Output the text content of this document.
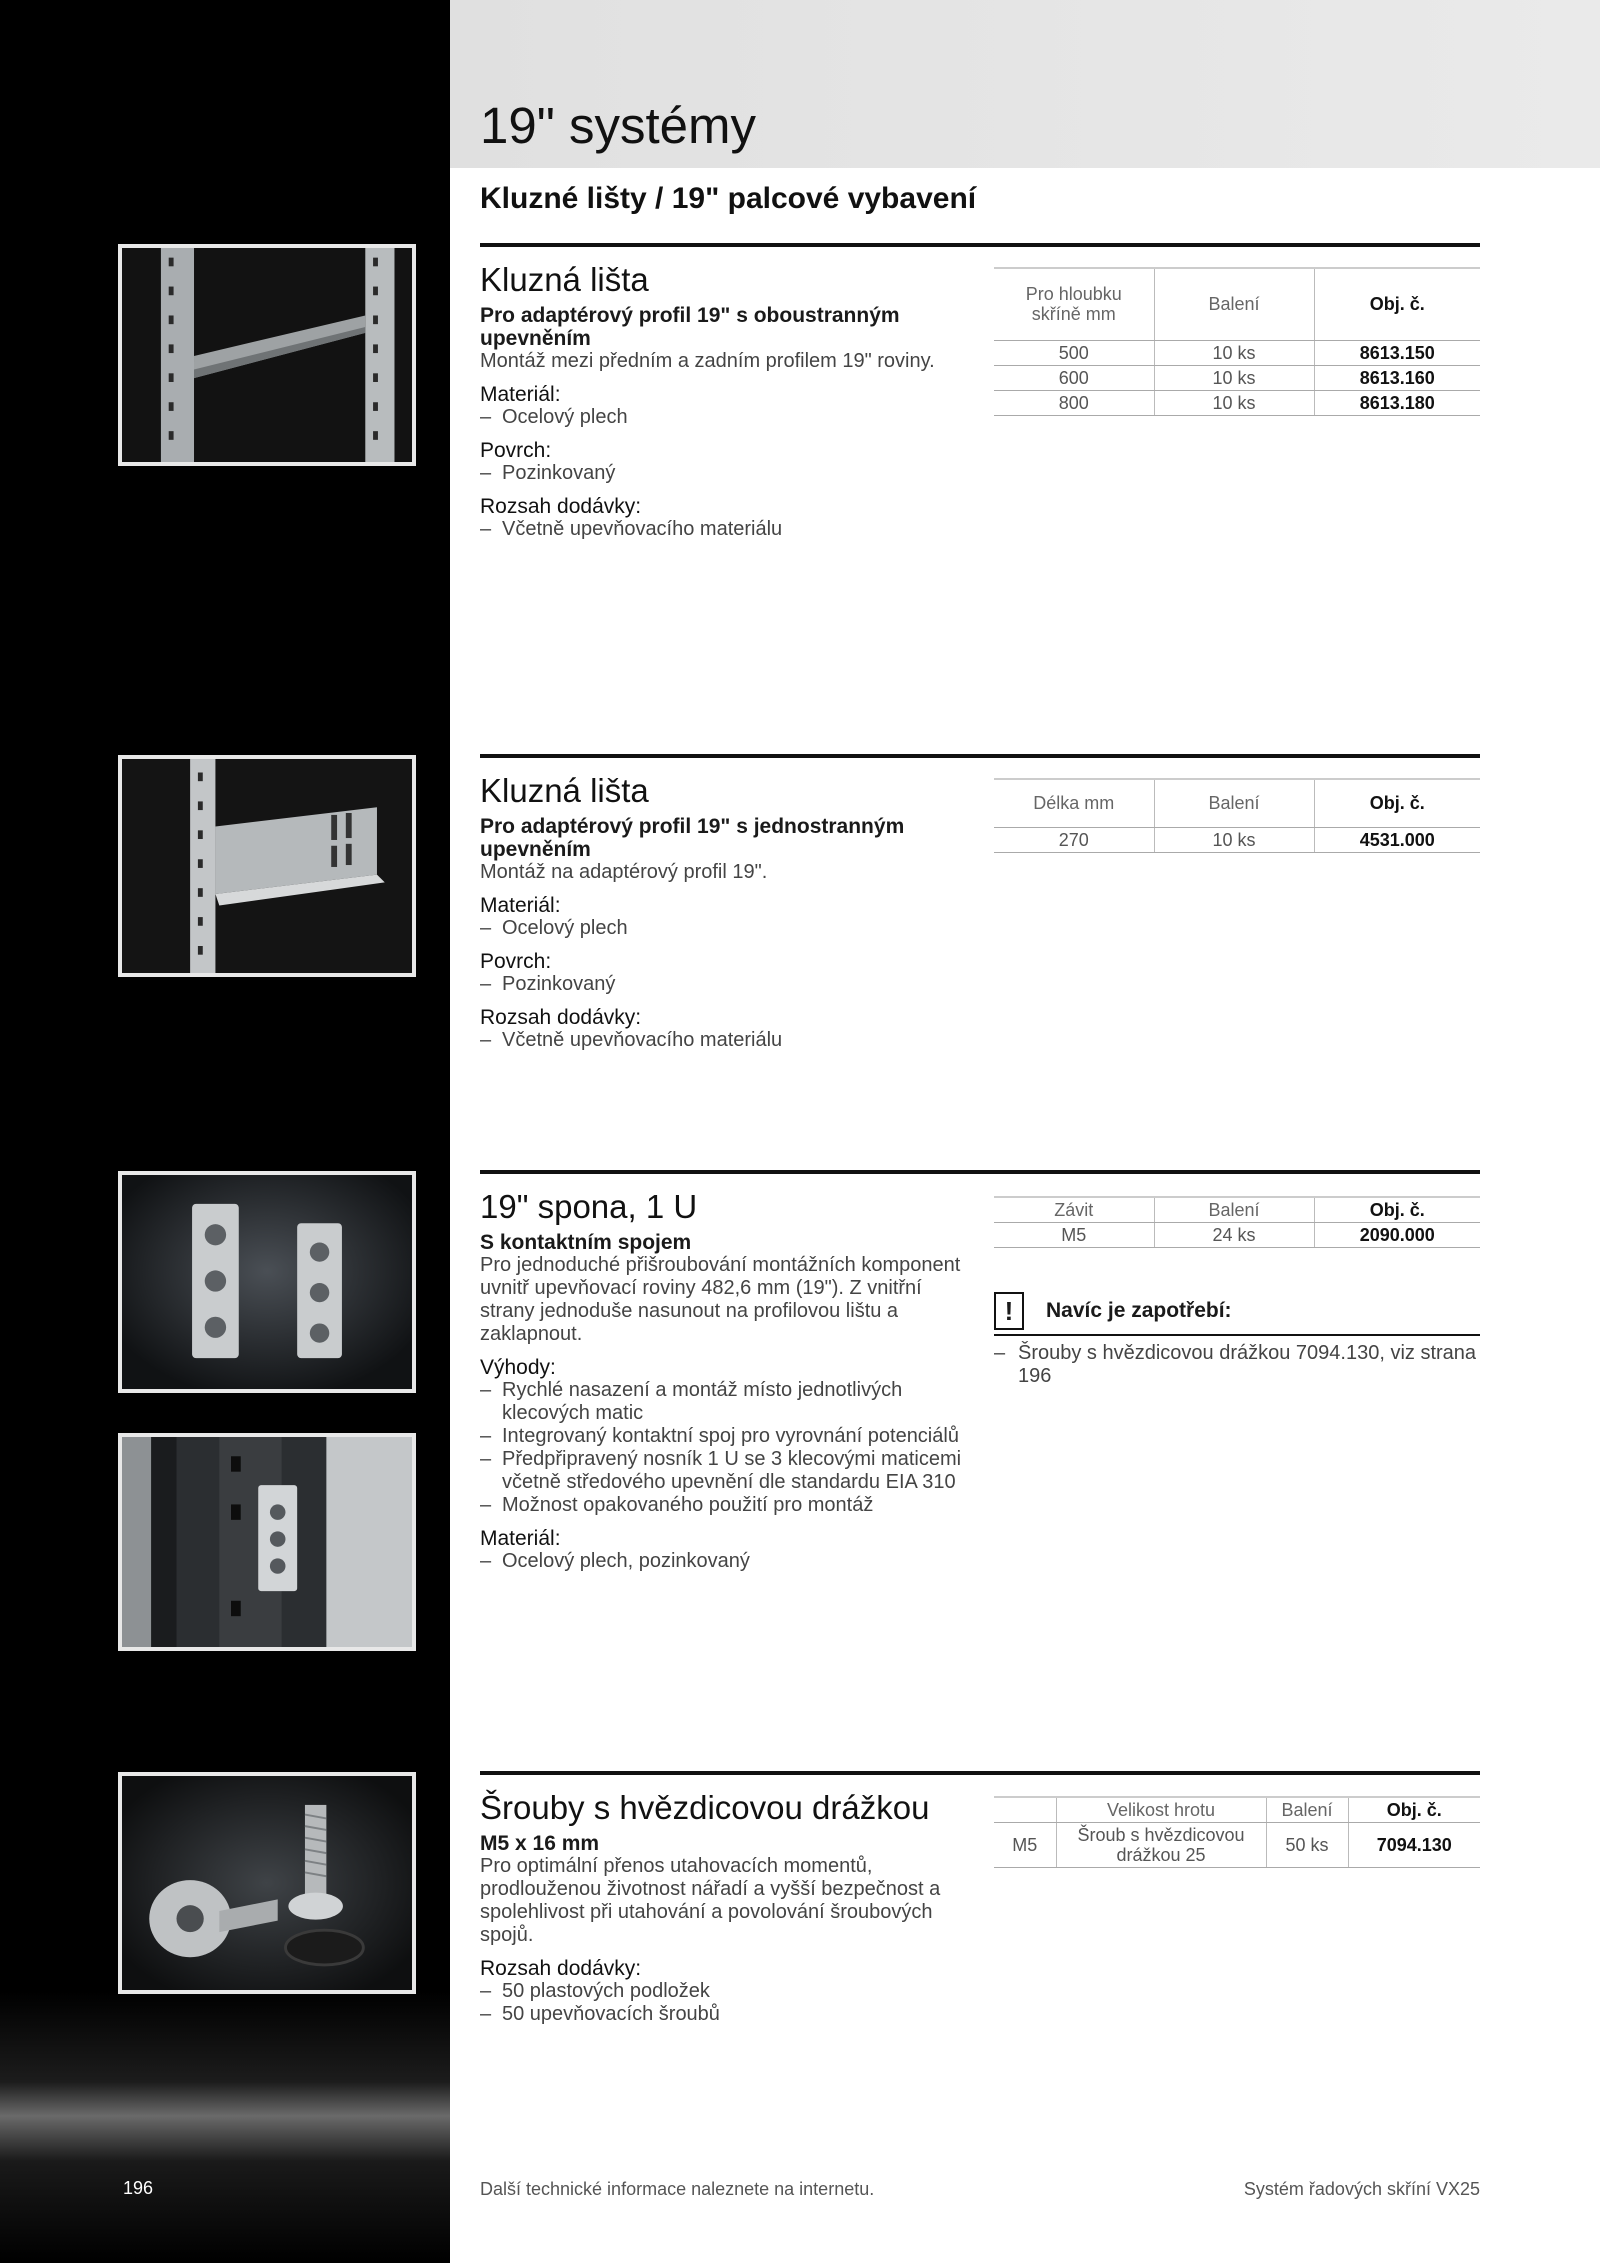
19" systémy
Kluzné lišty / 19" palcové vybavení
Kluzná lišta
Pro adaptérový profil 19" s oboustranným upevněním
Montáž mezi předním a zadním profilem 19" roviny.
Materiál:
– Ocelový plech
Povrch:
– Pozinkovaný
Rozsah dodávky:
– Včetně upevňovacího materiálu
Pro hloubku skříně mm	Balení	Obj. č.
500	10 ks	8613.150
600	10 ks	8613.160
800	10 ks	8613.180
Kluzná lišta
Pro adaptérový profil 19" s jednostranným upevněním
Montáž na adaptérový profil 19".
Materiál:
– Ocelový plech
Povrch:
– Pozinkovaný
Rozsah dodávky:
– Včetně upevňovacího materiálu
Délka mm	Balení	Obj. č.
270	10 ks	4531.000
19" spona, 1 U
S kontaktním spojem
Pro jednoduché přišroubování montážních komponent uvnitř upevňovací roviny 482,6 mm (19"). Z vnitřní strany jednoduše nasunout na profilovou lištu a zaklapnout.
Výhody:
– Rychlé nasazení a montáž místo jednotlivých klecových matic
– Integrovaný kontaktní spoj pro vyrovnání potenciálů
– Předpřipravený nosník 1 U se 3 klecovými maticemi včetně středového upevnění dle standardu EIA 310
– Možnost opakovaného použití pro montáž
Materiál:
– Ocelový plech, pozinkovaný
Závit	Balení	Obj. č.
M5	24 ks	2090.000
!	Navíc je zapotřebí:
– Šrouby s hvězdicovou drážkou 7094.130, viz strana 196
Šrouby s hvězdicovou drážkou
M5 x 16 mm
Pro optimální přenos utahovacích momentů, prodlouženou životnost nářadí a vyšší bezpečnost a spolehlivost při utahování a povolování šroubových spojů.
Rozsah dodávky:
– 50 plastových podložek
– 50 upevňovacích šroubů
	Velikost hrotu	Balení	Obj. č.
M5	Šroub s hvězdicovou drážkou 25	50 ks	7094.130
196	Další technické informace naleznete na internetu.	Systém řadových skříní VX25
